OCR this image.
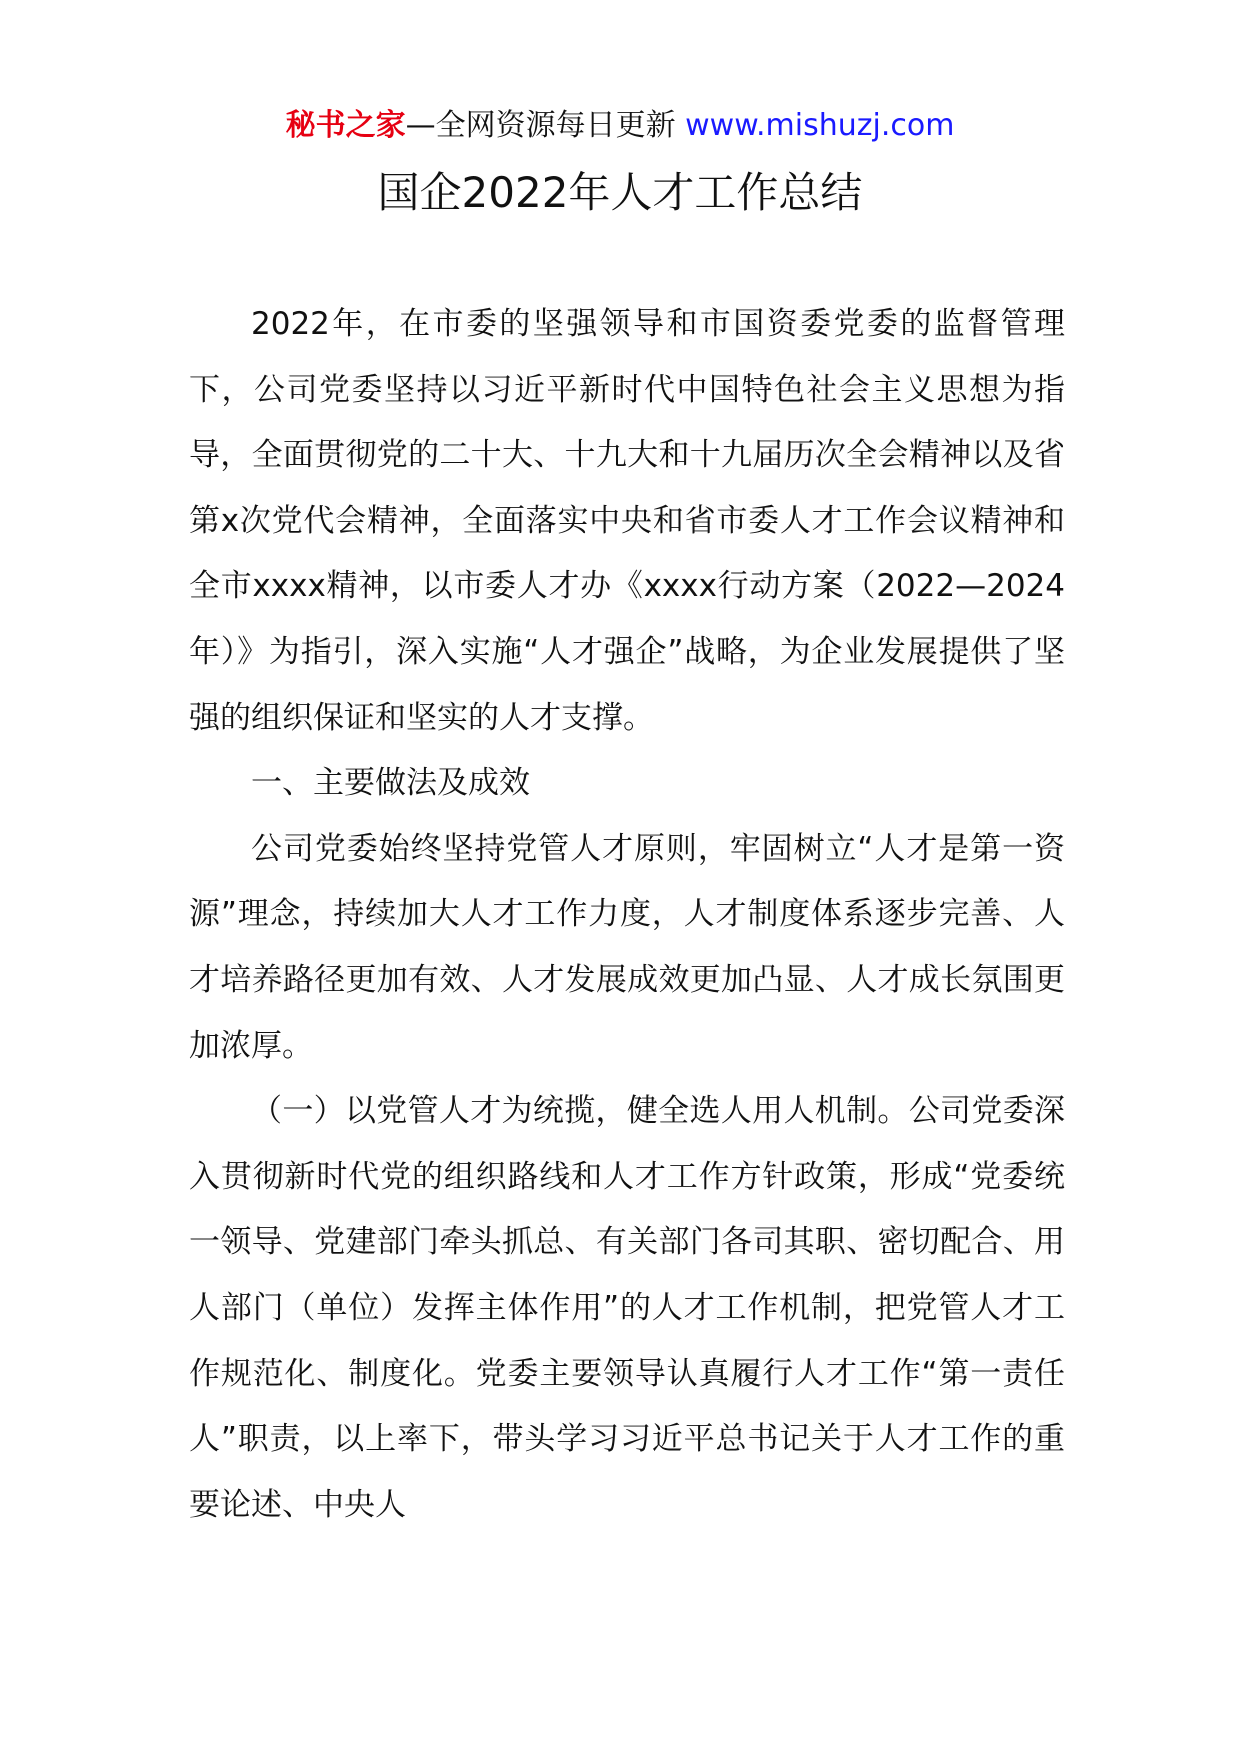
秘书之家—全网资源每日更新 www.mishuzj.com
国企2022年人才工作总结

2022年，在市委的坚强领导和市国资委党委的监督管理下，公司党委坚持以习近平新时代中国特色社会主义思想为指导，全面贯彻党的二十大、十九大和十九届历次全会精神以及省第x次党代会精神，全面落实中央和省市委人才工作会议精神和全市xxxx精神，以市委人才办《xxxx行动方案（2022—2024年）》为指引，深入实施“人才强企”战略，为企业发展提供了坚强的组织保证和坚实的人才支撑。

一、主要做法及成效

公司党委始终坚持党管人才原则，牢固树立“人才是第一资源”理念，持续加大人才工作力度，人才制度体系逐步完善、人才培养路径更加有效、人才发展成效更加凸显、人才成长氛围更加浓厚。

（一）以党管人才为统揽，健全选人用人机制。公司党委深入贯彻新时代党的组织路线和人才工作方针政策，形成“党委统一领导、党建部门牵头抓总、有关部门各司其职、密切配合、用人部门（单位）发挥主体作用”的人才工作机制，把党管人才工作规范化、制度化。党委主要领导认真履行人才工作“第一责任人”职责，以上率下，带头学习习近平总书记关于人才工作的重要论述、中央人
